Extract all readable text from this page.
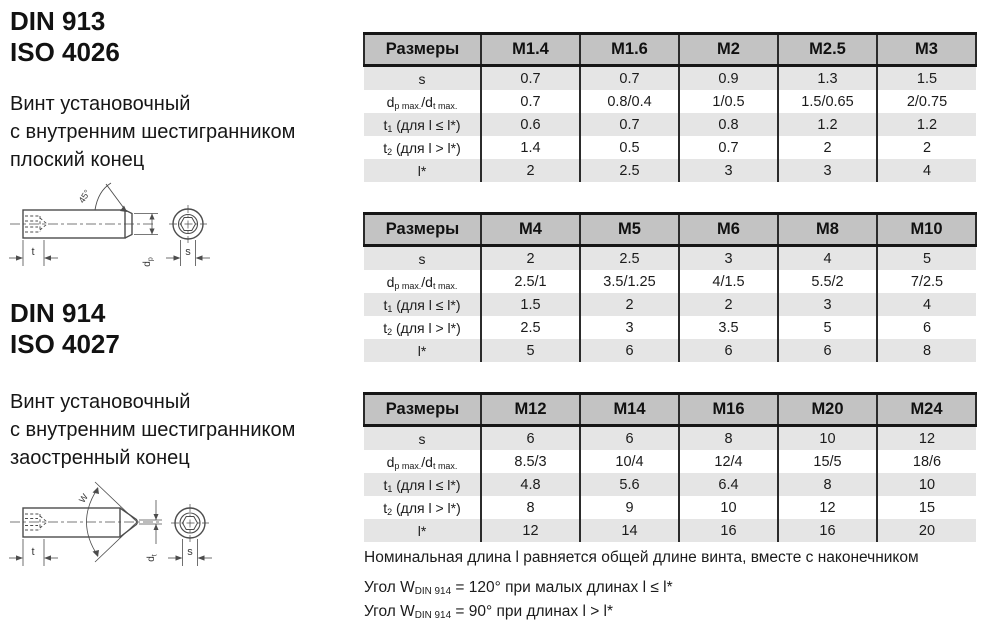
DIN 913
ISO 4026
Винт установочный
с внутренним шестигранником
плоский конец
45°
$d_p$
t	s
DIN 914
ISO 4027
Винт установочный
с внутренним шестигранником
заостренный конец
W
$d_t$
t	s
Размеры	M1.4	M1.6	M2	M2.5	M3
s	0.7	0.7	0.9	1.3	1.5
$d_{p max.}/d_{t max.}$	0.7	0.8/0.4	1/0.5	1.5/0.65	2/0.75
$t_1$ (для l ≤ l*)	0.6	0.7	0.8	1.2	1.2
$t_2$ (для l > l*)	1.4	0.5	0.7	2	2
l*	2	2.5	3	3	4
Размеры	M4	M5	M6	M8	M10
s	2	2.5	3	4	5
$d_{p max.}/d_{t max.}$	2.5/1	3.5/1.25	4/1.5	5.5/2	7/2.5
$t_1$ (для l ≤ l*)	1.5	2	2	3	4
$t_2$ (для l > l*)	2.5	3	3.5	5	6
l*	5	6	6	6	8
Размеры	M12	M14	M16	M20	M24
s	6	6	8	10	12
$d_{p max.}/d_{t max.}$	8.5/3	10/4	12/4	15/5	18/6
$t_1$ (для l ≤ l*)	4.8	5.6	6.4	8	10
$t_2$ (для l > l*)	8	9	10	12	15
l*	12	14	16	16	20
Номинальная длина l равняется общей длине винта, вместе с наконечником

Угол $W_{DIN 914} = 120^\circ$ при малых длинах l ≤ l*

Угол $W_{DIN 914} = 90^\circ$ при длинах l > l*
